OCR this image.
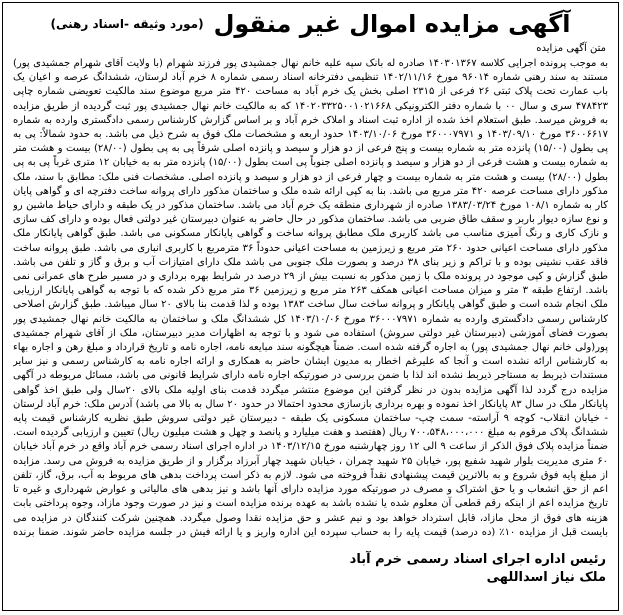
آگهی مزایده اموال غیر منقول
(مورد وثیقه -اسناد رهنی)
متن آگهی مزایده
به موجب پرونده اجرایی کلاسه ۱۴۰۳۰۱۳۶۷ صادره له بانک سپه علیه خانم نهال جمشیدی پور فرزند شهرام (با ولایت آقای شهرام جمشیدی پور) مستند به سند رهنی شماره ۹۶۰۱۴ مورخ ۱۴۰۲/۱۱/۱۶ تنظیمی دفترخانه اسناد رسمی شماره ۸ خرم آباد لرستان، ششدانگ عرصه و اعیان یک باب عمارت تحت پلاک ثبتی ۲۶ فرعی از ۲۳۱۵ اصلی بخش یک خرم آباد به مساحت ۴۲۰ متر مربع موضوع سند مالکیت تعویضی شماره چاپی ۴۷۸۴۲۳ سری و سال ۰۰ با شماره دفتر الکترونیکی ۱۴۰۲۰۳۳۲۵۰۰۱۰۲۱۶۶۸ که به مالکیت خانم نهال جمشیدی پور ثبت گردیده از طریق مزایده به فروش میرسد. طبق استعلام اخذ شده از اداره ثبت اسناد و املاک خرم آباد و بر اساس گزارش کارشناس رسمی دادگستری وارده به شماره ۳۶۰۰۶۶۱۷ مورخ ۱۴۰۳/۰۹/۱۰ و ۳۶۰۰۰۷۹۷۱ مورخ ۱۴۰۳/۱۰/۰۶ حدود اربعه و مشخصات ملک فوق به شرح ذیل می باشد. به حدود شمالاً: پی به پی بطول (۱۵/۰۰) پانزده متر به شماره بیست و پنج فرعی از دو هزار و سیصد و پانزده اصلی شرقاً پی به پی بطول (۲۸/۰۰) بیست و هشت متر به شماره بیست و هشت فرعی از دو هزار و سیصد و پانزده اصلی جنوباً پی است بطول (۱۵/۰۰) پانزده متر به به خیابان ۱۲ متری غرباً پی به پی بطول (۲۸/۰۰) بیست و هشت متر به شماره بیست و چهار فرعی از دو هزار و سیصد و پانزده اصلی. مشخصات فنی ملک: مطابق با سند، ملک مذکور دارای مساحت عرصه ۴۲۰ متر مربع می باشد. بنا به کپی ارائه شده ملک و ساختمان مذکور دارای پروانه ساخت دفترچه ای و گواهی پایان کار به شماره ۱۰۸/۱ مورخ ۱۳۸۳/۰۳/۲۴ صادره از شهرداری منطقه یک خرم آباد می باشد. ساختمان مذکور در یک طبقه و دارای حیاط ماشین رو و نوع سازه دیوار باربر و سقف طاق ضربی می باشد. ساختمان مذکور در حال حاضر به عنوان دبیرستان غیر دولتی فعال بوده و دارای کف سازی و نازک کاری و رنگ آمیزی مناسب می باشد کاربری ملک مطابق پروانه ساخت و گواهی پایانکار مسکونی می باشد. طبق گواهی پایانکار ملک مذکور دارای مساحت اعیانی حدود ۲۶۰ متر مربع و زیرزمین به مساحت اعیانی حدوداً ۳۶ مترمربع با کاربری انباری می باشد. طبق پروانه ساخت فاقد عقب نشینی بوده و با تراکم و زیر بنای ۳۸ درصد و بصورت ملک جنوبی می باشد ملک دارای امتیازات آب و برق و گاز و تلفن می باشد. طبق گزارش و کپی موجود در پرونده ملک با زمین مذکور به نسبت بیش از ۲۹ درصد در شرایط بهره برداری و در مسیر طرح های عمرانی نمی باشد. ارتفاع طبقه ۳ متر و میزان مساحت اعیانی همکف ۲۶۳ متر مربع و زیرزمین ۳۶ متر مربع ذکر شده که با توجه به گواهی پایانکار ارزیابی ملک انجام شده است و طبق گواهی پایانکار و پروانه ساخت سال ساخت ۱۳۸۳ بوده و لذا قدمت بنا بالای ۲۰ سال میباشد. طبق گزارش اصلاحی کارشناس رسمی دادگستری وارده به شماره ۳۶۰۰۰۷۹۷۱ مورخ ۱۴۰۳/۱۰/۰۶ کل ششدانگ ملک و ساختمان به مالکیت خانم نهال جمشیدی پور بصورت فضای آموزشی (دبیرستان غیر دولتی سروش) استفاده می شود و با توجه به اظهارات مدیر دبیرستان، ملک از آقای شهرام جمشیدی پور(ولی خانم نهال جمشیدی پور) به اجاره گرفته شده است. ضمناً هیچگونه سند مبایعه نامه، اجاره نامه و تاریخ قرارداد و مبلغ رهن و اجاره بهاء به کارشناس ارائه نشده است و آنجا که علیرغم اخطار به مدیون ایشان حاضر به همکاری و ارائه اجاره نامه به کارشناس رسمی و نیز سایر مستندات ذیربط به مستاجر ذیربط نشده اند لذا با ضمن بررسی در صورتیکه اجاره نامه دارای شرایط قانونی می باشد، مسائل مربوطه در آگهی مزایده درج گردد لذا آگهی مزایده بدون در نظر گرفتن این موضوع منتشر میگردد قدمت بنای اولیه ملک بالای ۲۰سال ولی طبق اخذ گواهی پایانکار ملک در سال ۸۳ پایانکار اخذ نموده و بهره برداری بازسازی محدود احتمالا در حدود ۲۰ سال به بالا می باشد) آدرس ملک: خرم آباد لرستان - خیابان انقلاب- کوچه ۹ آراسته- سمت چپ- ساختمان مسکونی یک طبقه - دبیرستان غیر دولتی سروش طبق نظریه کارشناس قیمت پایه ششدانگ پلاک مرقوم به مبلغ ۷۰۰،۵۴۸،۰۰۰،۰۰۰ ریال (هفتصد و هفت میلیارد و پانصد و چهل و هشت میلیون ریال) تعیین و ارزیابی گردیده است. ضمناً مزایده پلاک فوق الذکر از ساعت ۹ الی ۱۲ روز چهارشنبه مورخ ۱۴۰۳/۱۲/۱۵ در اداره اجرای اسناد رسمی خرم آباد واقع در خرم آباد خیابان ۶۰ متری مدیریت بلوار شهید شفیع پور، خیابان ۲۵ شهید چمران ، خیابان شهید چهار آبرزاد برگزار و از طریق مزایده به فروش می رسد. مزایده از مبلغ پایه فوق شروع و به بالاترین قیمت پیشنهادی نقداً فروخته می شود. لازم به ذکر است پرداخت بدهی های مربوط به آب، برق، گاز، تلفن اعم از حق انشعاب و یا حق اشتراک و مصرف در صورتیکه مورد مزایده دارای آنها باشد و نیز بدهی های مالیاتی و عوارض شهرداری و غیره تا تاریخ مزایده اعم از اینکه رقم قطعی آن معلوم شده یا نشده باشد به عهده برنده مزایده است و نیز در صورت وجود مازاد، وجوه پرداختی بابت هزینه های فوق از محل مازاد، قابل استرداد خواهد بود و نیم عشر و حق مزایده نقدا وصول میگردد. همچنین شرکت کنندگان در مزایده می بایست قبل از مزایده ۱۰٪ (ده درصد) قیمت پایه را به حساب سپرده این اداره واریز و یا ارائه فیش در جلسه مزایده حاضر شوند. ضمنا برنده
رئیس اداره اجرای اسناد رسمی خرم آباد
ملک نیاز اسداللهی
